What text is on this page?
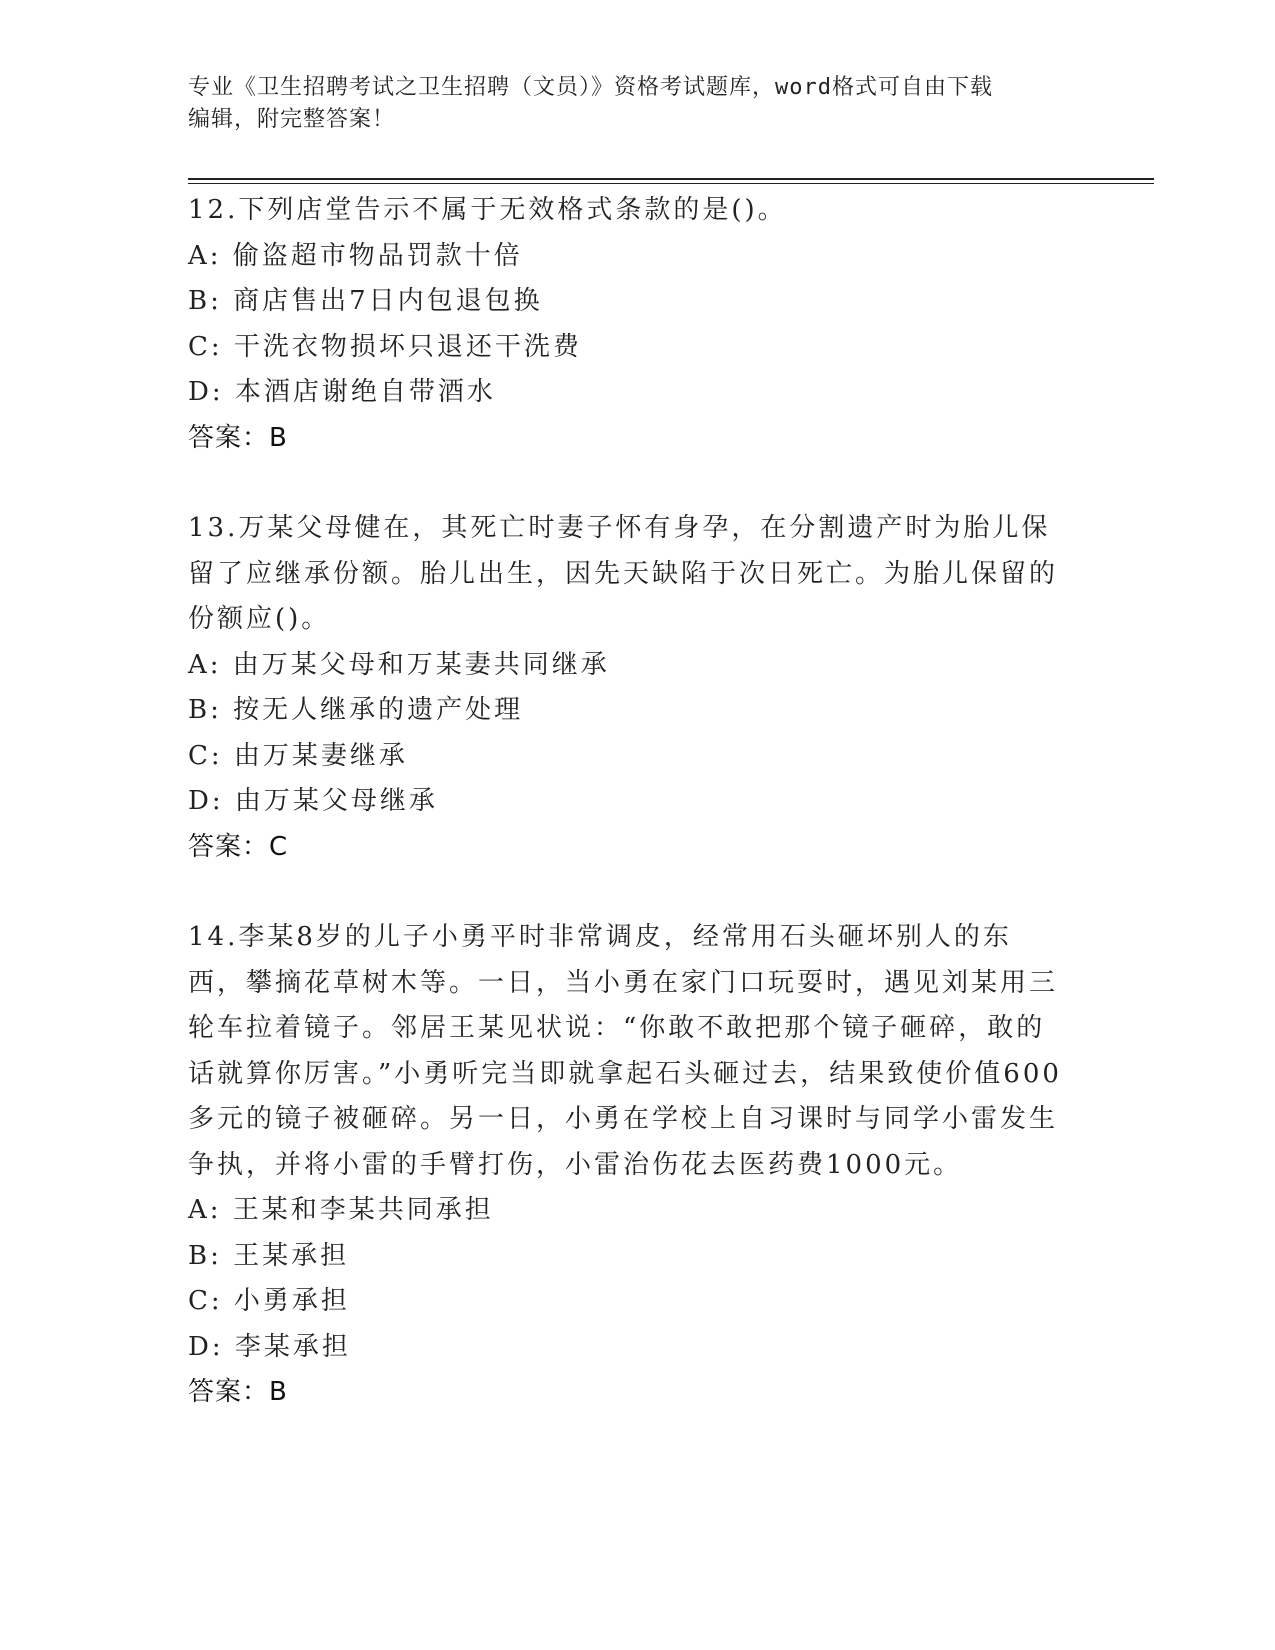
专业《卫生招聘考试之卫生招聘（文员）》资格考试题库，word格式可自由下载
编辑，附完整答案！
12.下列店堂告示不属于无效格式条款的是()。
A: 偷盗超市物品罚款十倍
B: 商店售出7日内包退包换
C: 干洗衣物损坏只退还干洗费
D: 本酒店谢绝自带酒水
答案：B
13.万某父母健在，其死亡时妻子怀有身孕，在分割遗产时为胎儿保留了应继承份额。胎儿出生，因先天缺陷于次日死亡。为胎儿保留的份额应()。
A: 由万某父母和万某妻共同继承
B: 按无人继承的遗产处理
C: 由万某妻继承
D: 由万某父母继承
答案：C
14.李某8岁的儿子小勇平时非常调皮，经常用石头砸坏别人的东西，攀摘花草树木等。一日，当小勇在家门口玩耍时，遇见刘某用三轮车拉着镜子。邻居王某见状说：“你敢不敢把那个镜子砸碎，敢的话就算你厉害。”小勇听完当即就拿起石头砸过去，结果致使价值600多元的镜子被砸碎。另一日，小勇在学校上自习课时与同学小雷发生争执，并将小雷的手臂打伤，小雷治伤花去医药费1000元。
A: 王某和李某共同承担
B: 王某承担
C: 小勇承担
D: 李某承担
答案：B
